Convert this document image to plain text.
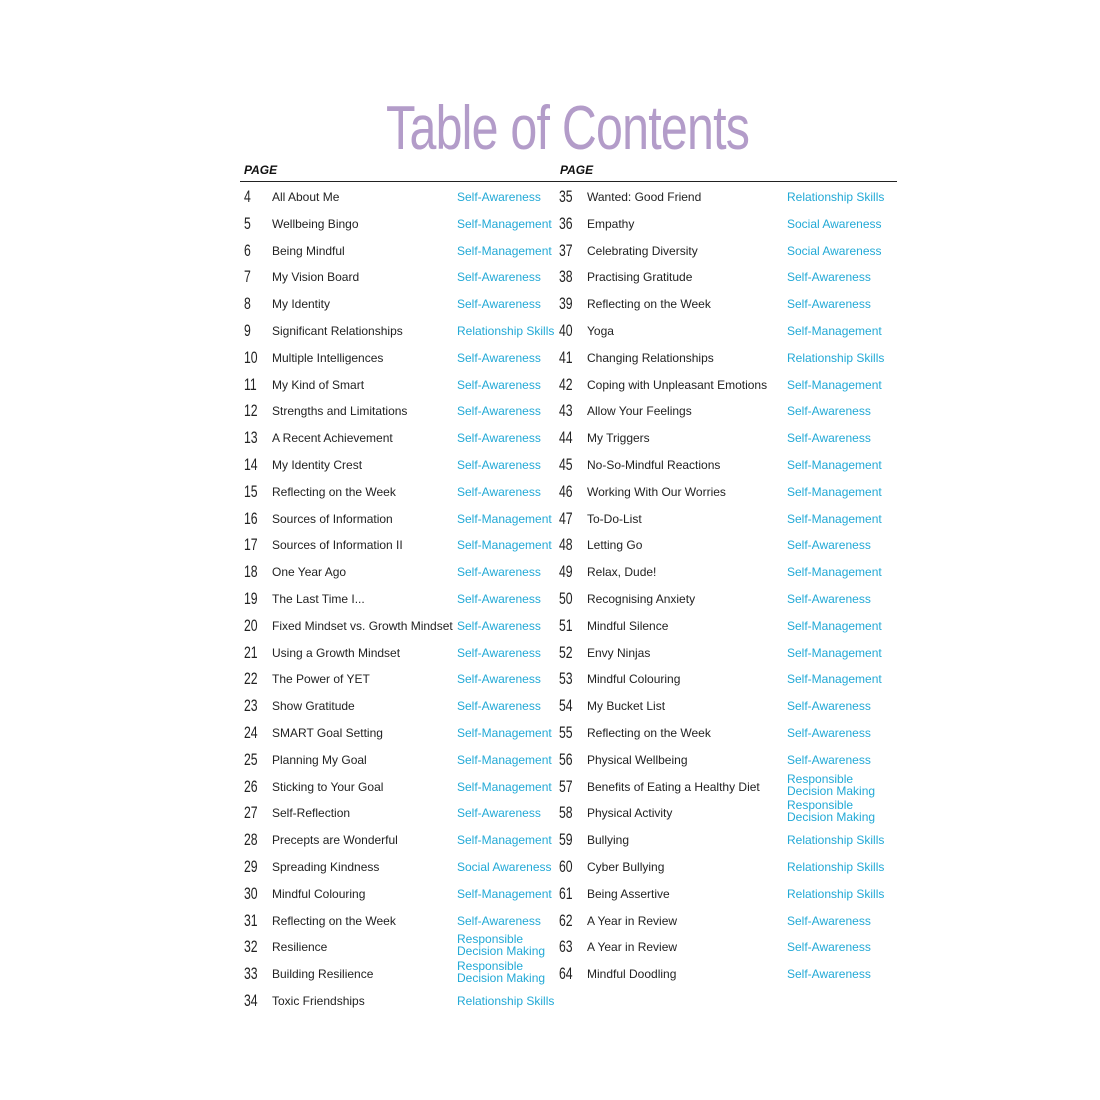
Table of Contents
PAGE	PAGE
4 All About Me	Self-Awareness
5 Wellbeing Bingo	Self-Management
6 Being Mindful	Self-Management
7 My Vision Board	Self-Awareness
8 My Identity	Self-Awareness
9 Significant Relationships	Relationship Skills
10 Multiple Intelligences	Self-Awareness
11 My Kind of Smart	Self-Awareness
12 Strengths and Limitations	Self-Awareness
13 A Recent Achievement	Self-Awareness
14 My Identity Crest	Self-Awareness
15 Reflecting on the Week	Self-Awareness
16 Sources of Information	Self-Management
17 Sources of Information II	Self-Management
18 One Year Ago	Self-Awareness
19 The Last Time I...	Self-Awareness
20 Fixed Mindset vs. Growth Mindset Self-Awareness
21 Using a Growth Mindset	Self-Awareness
22 The Power of YET	Self-Awareness
23 Show Gratitude	Self-Awareness
24 SMART Goal Setting	Self-Management
25 Planning My Goal	Self-Management
26 Sticking to Your Goal	Self-Management
27 Self-Reflection	Self-Awareness
28 Precepts are Wonderful	Self-Management
29 Spreading Kindness	Social Awareness
30 Mindful Colouring	Self-Management
31 Reflecting on the Week	Self-Awareness
32 Resilience
Responsible
Decision Making
33 Building Resilience
Responsible
Decision Making
34 Toxic Friendships	Relationship Skills
35 Wanted: Good Friend	Relationship Skills
36 Empathy	Social Awareness
37 Celebrating Diversity	Social Awareness
38 Practising Gratitude	Self-Awareness
39 Reflecting on the Week	Self-Awareness
40 Yoga	Self-Management
41 Changing Relationships	Relationship Skills
42 Coping with Unpleasant Emotions Self-Management
43 Allow Your Feelings	Self-Awareness
44 My Triggers	Self-Awareness
45 No-So-Mindful Reactions	Self-Management
46 Working With Our Worries	Self-Management
47 To-Do-List	Self-Management
48 Letting Go	Self-Awareness
49 Relax, Dude!	Self-Management
50 Recognising Anxiety	Self-Awareness
51 Mindful Silence	Self-Management
52 Envy Ninjas	Self-Management
53 Mindful Colouring	Self-Management
54 My Bucket List	Self-Awareness
55 Reflecting on the Week	Self-Awareness
56 Physical Wellbeing	Self-Awareness
57 Benefits of Eating a Healthy Diet
Responsible
Decision Making
58 Physical Activity
Responsible
Decision Making
59 Bullying	Relationship Skills
60 Cyber Bullying	Relationship Skills
61 Being Assertive	Relationship Skills
62 A Year in Review	Self-Awareness
63 A Year in Review	Self-Awareness
64 Mindful Doodling	Self-Awareness
